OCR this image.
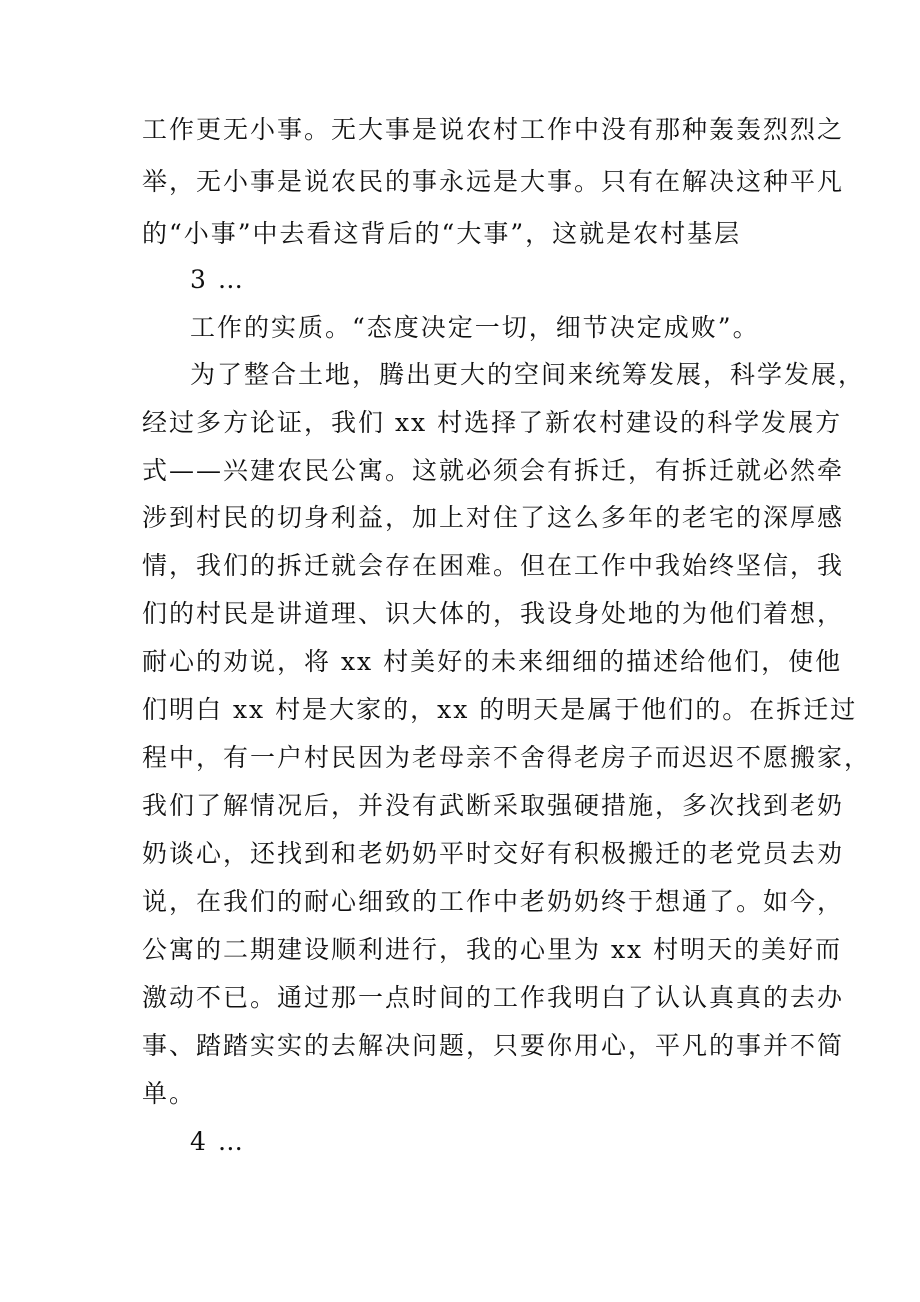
工作更无小事。无大事是说农村工作中没有那种轰轰烈烈之
举，无小事是说农民的事永远是大事。只有在解决这种平凡
的“小事”中去看这背后的“大事”，这就是农村基层
3 …
工作的实质。“态度决定一切，细节决定成败”。
为了整合土地，腾出更大的空间来统筹发展，科学发展，
经过多方论证，我们 xx 村选择了新农村建设的科学发展方
式——兴建农民公寓。这就必须会有拆迁，有拆迁就必然牵
涉到村民的切身利益，加上对住了这么多年的老宅的深厚感
情，我们的拆迁就会存在困难。但在工作中我始终坚信，我
们的村民是讲道理、识大体的，我设身处地的为他们着想，
耐心的劝说，将 xx 村美好的未来细细的描述给他们，使他
们明白 xx 村是大家的，xx 的明天是属于他们的。在拆迁过
程中，有一户村民因为老母亲不舍得老房子而迟迟不愿搬家，
我们了解情况后，并没有武断采取强硬措施，多次找到老奶
奶谈心，还找到和老奶奶平时交好有积极搬迁的老党员去劝
说，在我们的耐心细致的工作中老奶奶终于想通了。如今，
公寓的二期建设顺利进行，我的心里为 xx 村明天的美好而
激动不已。通过那一点时间的工作我明白了认认真真的去办
事、踏踏实实的去解决问题，只要你用心，平凡的事并不简
单。
4 …
